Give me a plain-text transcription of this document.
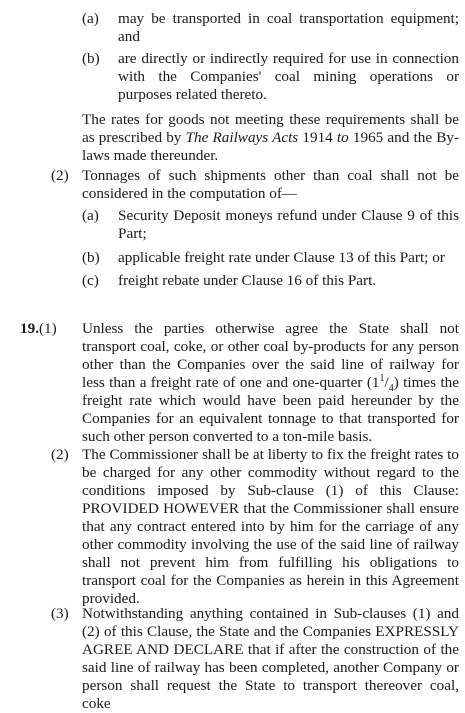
(a)	may be transported in coal transportation equipment; and
(b)	are directly or indirectly required for use in connection with the Companies' coal mining operations or purposes related thereto.
The rates for goods not meeting these requirements shall be as prescribed by The Railways Acts 1914 to 1965 and the By-laws made thereunder.
(2) Tonnages of such shipments other than coal shall not be considered in the computation of—
(a)	Security Deposit moneys refund under Clause 9 of this Part;
(b)	applicable freight rate under Clause 13 of this Part; or
(c)	freight rebate under Clause 16 of this Part.
19.(1)	Unless the parties otherwise agree the State shall not transport coal, coke, or other coal by-products for any person other than the Companies over the said line of railway for less than a freight rate of one and one-quarter $(1^1/_4)$ times the freight rate which would have been paid hereunder by the Companies for an equivalent tonnage to that transported for such other person converted to a ton-mile basis.
(2) The Commissioner shall be at liberty to fix the freight rates to be charged for any other commodity without regard to the conditions imposed by Sub-clause (1) of this Clause: PROVIDED HOWEVER that the Commissioner shall ensure that any contract entered into by him for the carriage of any other commodity involving the use of the said line of railway shall not prevent him from fulfilling his obligations to transport coal for the Companies as herein in this Agreement provided.
(3) Notwithstanding anything contained in Sub-clauses (1) and (2) of this Clause, the State and the Companies EXPRESSLY AGREE AND DECLARE that if after the construction of the said line of railway has been completed, another Company or person shall request the State to transport thereover coal, coke
